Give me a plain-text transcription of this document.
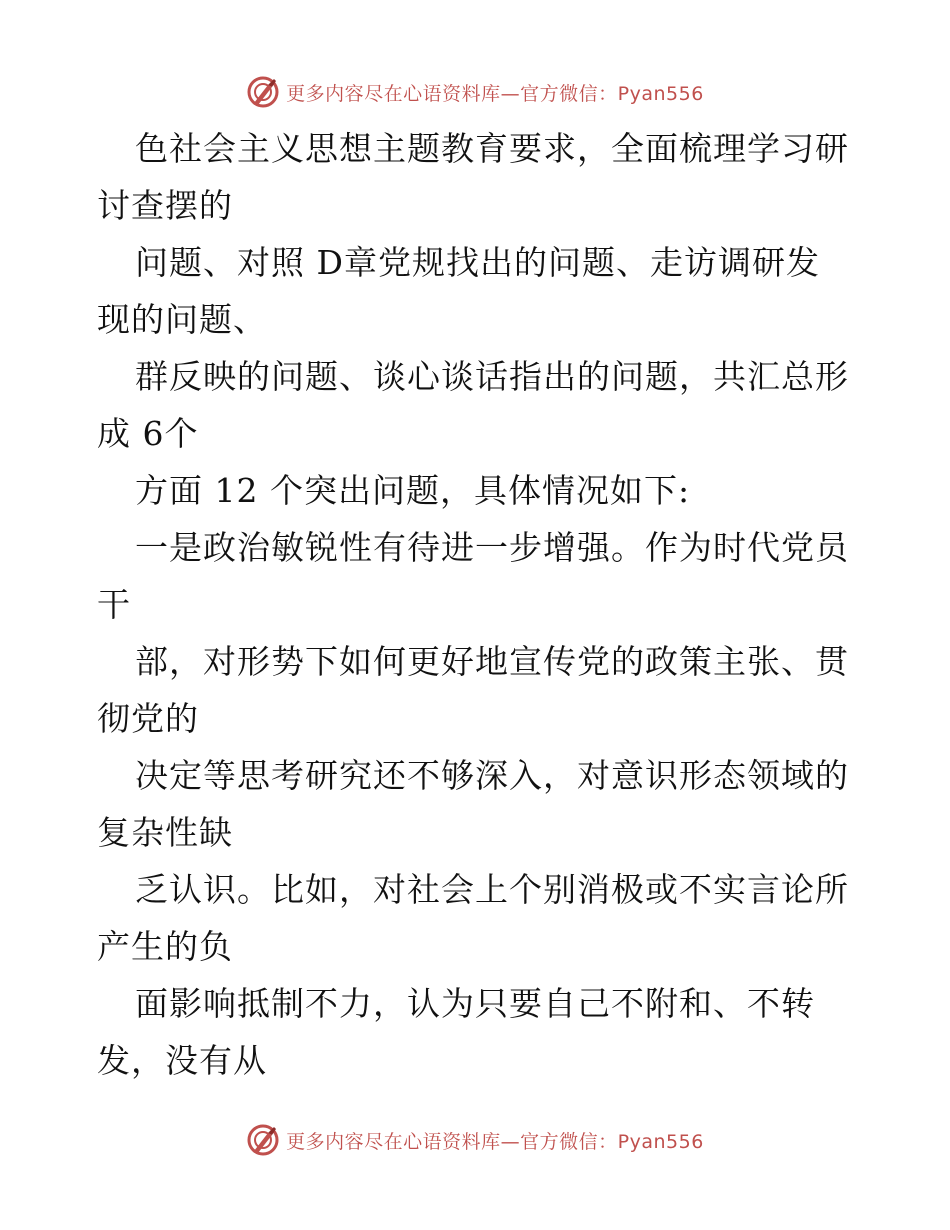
更多内容尽在心语资料库—官方微信：Pyan556
色社会主义思想主题教育要求，全面梳理学习研
讨查摆的
问题、对照 D章党规找出的问题、走访调研发
现的问题、
群反映的问题、谈心谈话指出的问题，共汇总形
成 6个
方面 12 个突出问题，具体情况如下:
一是政治敏锐性有待进一步增强。作为时代党员
干
部，对形势下如何更好地宣传党的政策主张、贯
彻党的
决定等思考研究还不够深入，对意识形态领域的
复杂性缺
乏认识。比如，对社会上个别消极或不实言论所
产生的负
面影响抵制不力，认为只要自己不附和、不转
发，没有从
更多内容尽在心语资料库—官方微信：Pyan556
